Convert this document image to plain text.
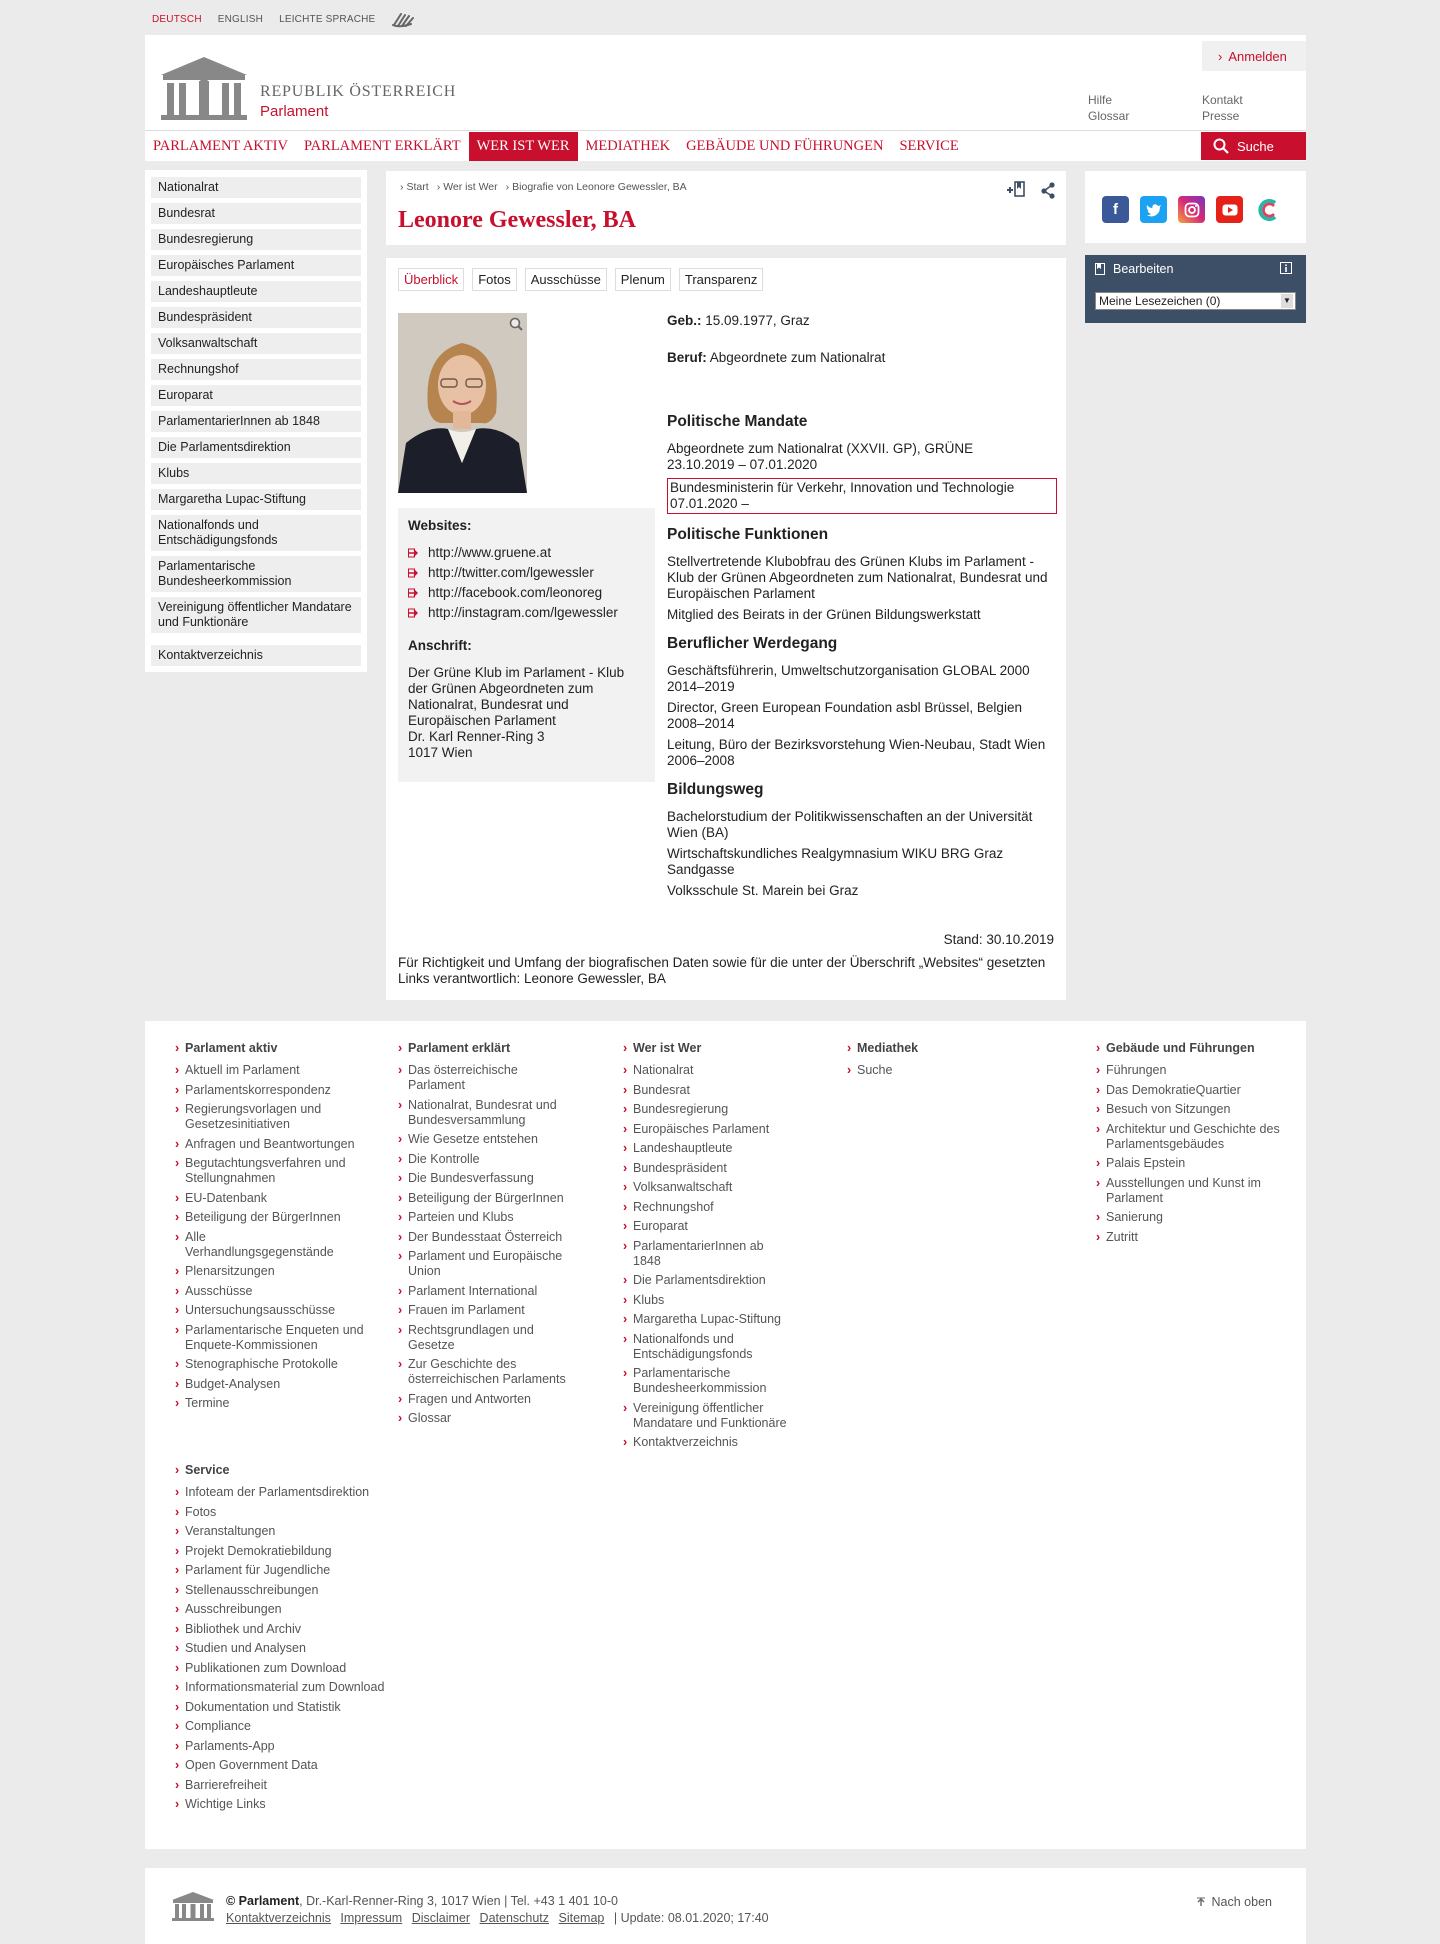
DEUTSCH ENGLISH LEICHTE SPRACHE
REPUBLIK ÖSTERREICH
Parlament
› Anmelden
Hilfe
Glossar
Kontakt
Presse
PARLAMENT AKTIV	PARLAMENT ERKLÄRT	WER IST WER	MEDIATHEK	GEBÄUDE UND FÜHRUNGEN	SERVICE	Suche
Nationalrat
Bundesrat
Bundesregierung
Europäisches Parlament
Landeshauptleute
Bundespräsident
Volksanwaltschaft
Rechnungshof
Europarat
ParlamentarierInnen ab 1848
Die Parlamentsdirektion
Klubs
Margaretha Lupac-Stiftung
Nationalfonds und Entschädigungsfonds
Parlamentarische Bundesheerkommission
Vereinigung öffentlicher Mandatare und Funktionäre
Kontaktverzeichnis
› Start	› Wer ist Wer	› Biografie von Leonore Gewessler, BA
Leonore Gewessler, BA
Überblick	Fotos	Ausschüsse	Plenum	Transparenz
Websites:
http://www.gruene.at
http://twitter.com/lgewessler
http://facebook.com/leonoreg
http://instagram.com/lgewessler
Anschrift:
Der Grüne Klub im Parlament - Klub der Grünen Abgeordneten zum Nationalrat, Bundesrat und Europäischen Parlament
Dr. Karl Renner-Ring 3
1017 Wien
Geb.: 15.09.1977, Graz
Beruf: Abgeordnete zum Nationalrat
Politische Mandate
Abgeordnete zum Nationalrat (XXVII. GP), GRÜNE
23.10.2019 – 07.01.2020
Bundesministerin für Verkehr, Innovation und Technologie
07.01.2020 –
Politische Funktionen
Stellvertretende Klubobfrau des Grünen Klubs im Parlament - Klub der Grünen Abgeordneten zum Nationalrat, Bundesrat und Europäischen Parlament
Mitglied des Beirats in der Grünen Bildungswerkstatt
Beruflicher Werdegang
Geschäftsführerin, Umweltschutzorganisation GLOBAL 2000
2014–2019
Director, Green European Foundation asbl Brüssel, Belgien
2008–2014
Leitung, Büro der Bezirksvorstehung Wien-Neubau, Stadt Wien 2006–2008
Bildungsweg
Bachelorstudium der Politikwissenschaften an der Universität Wien (BA)
Wirtschaftskundliches Realgymnasium WIKU BRG Graz Sandgasse
Volksschule St. Marein bei Graz
Stand: 30.10.2019
Für Richtigkeit und Umfang der biografischen Daten sowie für die unter der Überschrift „Websites“ gesetzten Links verantwortlich: Leonore Gewessler, BA
f
Bearbeiten
Meine Lesezeichen (0) ▼
› Parlament aktiv
› Aktuell im Parlament
› Parlamentskorrespondenz
› Regierungsvorlagen und Gesetzesinitiativen
› Anfragen und Beantwortungen
› Begutachtungsverfahren und Stellungnahmen
› EU-Datenbank
› Beteiligung der BürgerInnen
› Alle Verhandlungsgegenstände
› Plenarsitzungen
› Ausschüsse
› Untersuchungsausschüsse
› Parlamentarische Enqueten und Enquete-Kommissionen
› Stenographische Protokolle
› Budget-Analysen
› Termine
› Parlament erklärt
› Das österreichische Parlament
› Nationalrat, Bundesrat und Bundesversammlung
› Wie Gesetze entstehen
› Die Kontrolle
› Die Bundesverfassung
› Beteiligung der BürgerInnen
› Parteien und Klubs
› Der Bundesstaat Österreich
› Parlament und Europäische Union
› Parlament International
› Frauen im Parlament
› Rechtsgrundlagen und Gesetze
› Zur Geschichte des österreichischen Parlaments
› Fragen und Antworten
› Glossar
› Wer ist Wer
› Nationalrat
› Bundesrat
› Bundesregierung
› Europäisches Parlament
› Landeshauptleute
› Bundespräsident
› Volksanwaltschaft
› Rechnungshof
› Europarat
› ParlamentarierInnen ab 1848
› Die Parlamentsdirektion
› Klubs
› Margaretha Lupac-Stiftung
› Nationalfonds und Entschädigungsfonds
› Parlamentarische Bundesheerkommission
› Vereinigung öffentlicher Mandatare und Funktionäre
› Kontaktverzeichnis
› Mediathek
› Suche
› Gebäude und Führungen
› Führungen
› Das DemokratieQuartier
› Besuch von Sitzungen
› Architektur und Geschichte des Parlamentsgebäudes
› Palais Epstein
› Ausstellungen und Kunst im Parlament
› Sanierung
› Zutritt
› Service
› Infoteam der Parlamentsdirektion
› Fotos
› Veranstaltungen
› Projekt Demokratiebildung
› Parlament für Jugendliche
› Stellenausschreibungen
› Ausschreibungen
› Bibliothek und Archiv
› Studien und Analysen
› Publikationen zum Download
› Informationsmaterial zum Download
› Dokumentation und Statistik
› Compliance
› Parlaments-App
› Open Government Data
› Barrierefreiheit
› Wichtige Links
© Parlament, Dr.-Karl-Renner-Ring 3, 1017 Wien | Tel. +43 1 401 10-0
Kontaktverzeichnis Impressum Disclaimer Datenschutz Sitemap | Update: 08.01.2020; 17:40
Nach oben
